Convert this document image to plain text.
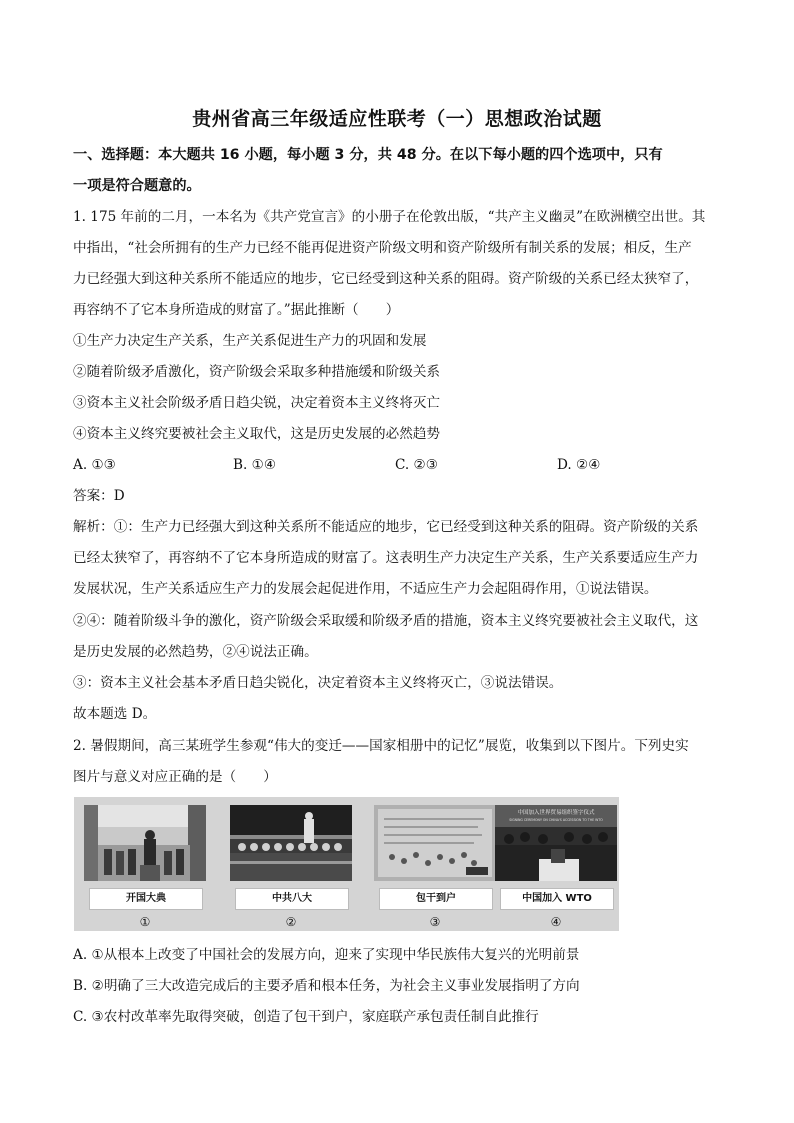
贵州省高三年级适应性联考（一）思想政治试题
一、选择题：本大题共 16 小题，每小题 3 分，共 48 分。在以下每小题的四个选项中，只有
一项是符合题意的。
1. 175 年前的二月，一本名为《共产党宣言》的小册子在伦敦出版，“共产主义幽灵”在欧洲横空出世。其
中指出，“社会所拥有的生产力已经不能再促进资产阶级文明和资产阶级所有制关系的发展；相反，生产
力已经强大到这种关系所不能适应的地步，它已经受到这种关系的阻碍。资产阶级的关系已经太狭窄了，
再容纳不了它本身所造成的财富了。”据此推断（　　）
①生产力决定生产关系，生产关系促进生产力的巩固和发展
②随着阶级矛盾激化，资产阶级会采取多种措施缓和阶级关系
③资本主义社会阶级矛盾日趋尖锐，决定着资本主义终将灭亡
④资本主义终究要被社会主义取代，这是历史发展的必然趋势
A. ①③	B. ①④	C. ②③	D. ②④
答案：D
解析：①：生产力已经强大到这种关系所不能适应的地步，它已经受到这种关系的阻碍。资产阶级的关系
已经太狭窄了，再容纳不了它本身所造成的财富了。这表明生产力决定生产关系，生产关系要适应生产力
发展状况，生产关系适应生产力的发展会起促进作用，不适应生产力会起阻碍作用，①说法错误。
②④：随着阶级斗争的激化，资产阶级会采取缓和阶级矛盾的措施，资本主义终究要被社会主义取代，这
是历史发展的必然趋势，②④说法正确。
③：资本主义社会基本矛盾日趋尖锐化，决定着资本主义终将灭亡，③说法错误。
故本题选 D。
2. 暑假期间，高三某班学生参观“伟大的变迁——国家相册中的记忆”展览，收集到以下图片。下列史实
图片与意义对应正确的是（　　）
开国大典
①
中共八大
②
包干到户
③
中国加入世界贸易组织签字仪式
SIGNING CEREMONY ON CHINA'S ACCESSION TO THE WTO
中国加入 WTO
④
A. ①从根本上改变了中国社会的发展方向，迎来了实现中华民族伟大复兴的光明前景
B. ②明确了三大改造完成后的主要矛盾和根本任务，为社会主义事业发展指明了方向
C. ③农村改革率先取得突破，创造了包干到户，家庭联产承包责任制自此推行
